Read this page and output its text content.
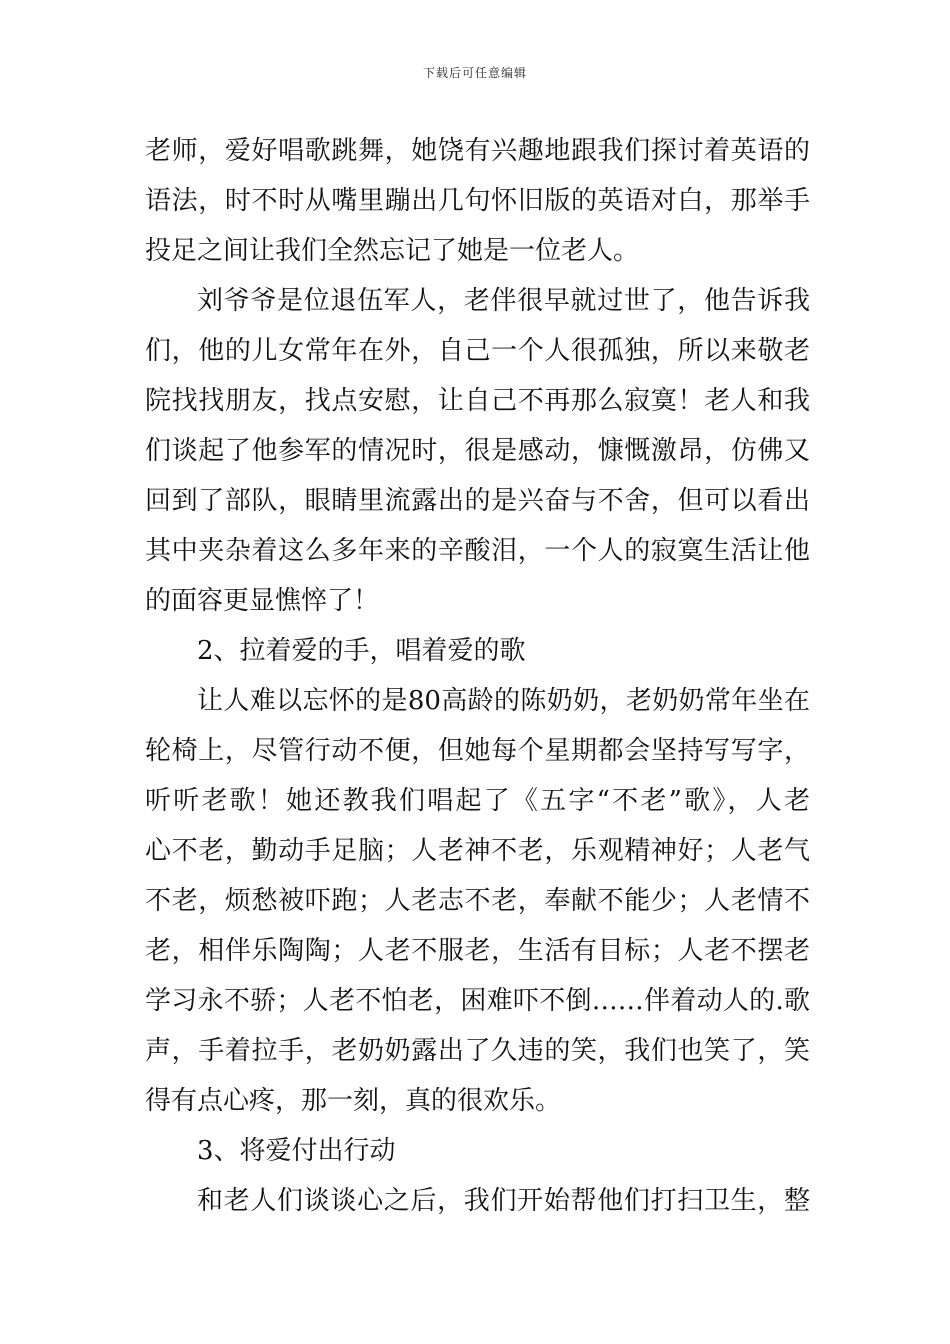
下载后可任意编辑
老师，爱好唱歌跳舞，她饶有兴趣地跟我们探讨着英语的
语法，时不时从嘴里蹦出几句怀旧版的英语对白，那举手
投足之间让我们全然忘记了她是一位老人。
刘爷爷是位退伍军人，老伴很早就过世了，他告诉我
们，他的儿女常年在外，自己一个人很孤独，所以来敬老
院找找朋友，找点安慰，让自己不再那么寂寞！老人和我
们谈起了他参军的情况时，很是感动，慷慨激昂，仿佛又
回到了部队，眼睛里流露出的是兴奋与不舍，但可以看出
其中夹杂着这么多年来的辛酸泪，一个人的寂寞生活让他
的面容更显憔悴了！
2、拉着爱的手，唱着爱的歌
让人难以忘怀的是80高龄的陈奶奶，老奶奶常年坐在
轮椅上，尽管行动不便，但她每个星期都会坚持写写字，
听听老歌！她还教我们唱起了《五字“不老”歌》，人老
心不老，勤动手足脑；人老神不老，乐观精神好；人老气
不老，烦愁被吓跑；人老志不老，奉献不能少；人老情不
老，相伴乐陶陶；人老不服老，生活有目标；人老不摆老
学习永不骄；人老不怕老，困难吓不倒……伴着动人的.歌
声，手着拉手，老奶奶露出了久违的笑，我们也笑了，笑
得有点心疼，那一刻，真的很欢乐。
3、将爱付出行动
和老人们谈谈心之后，我们开始帮他们打扫卫生，整
